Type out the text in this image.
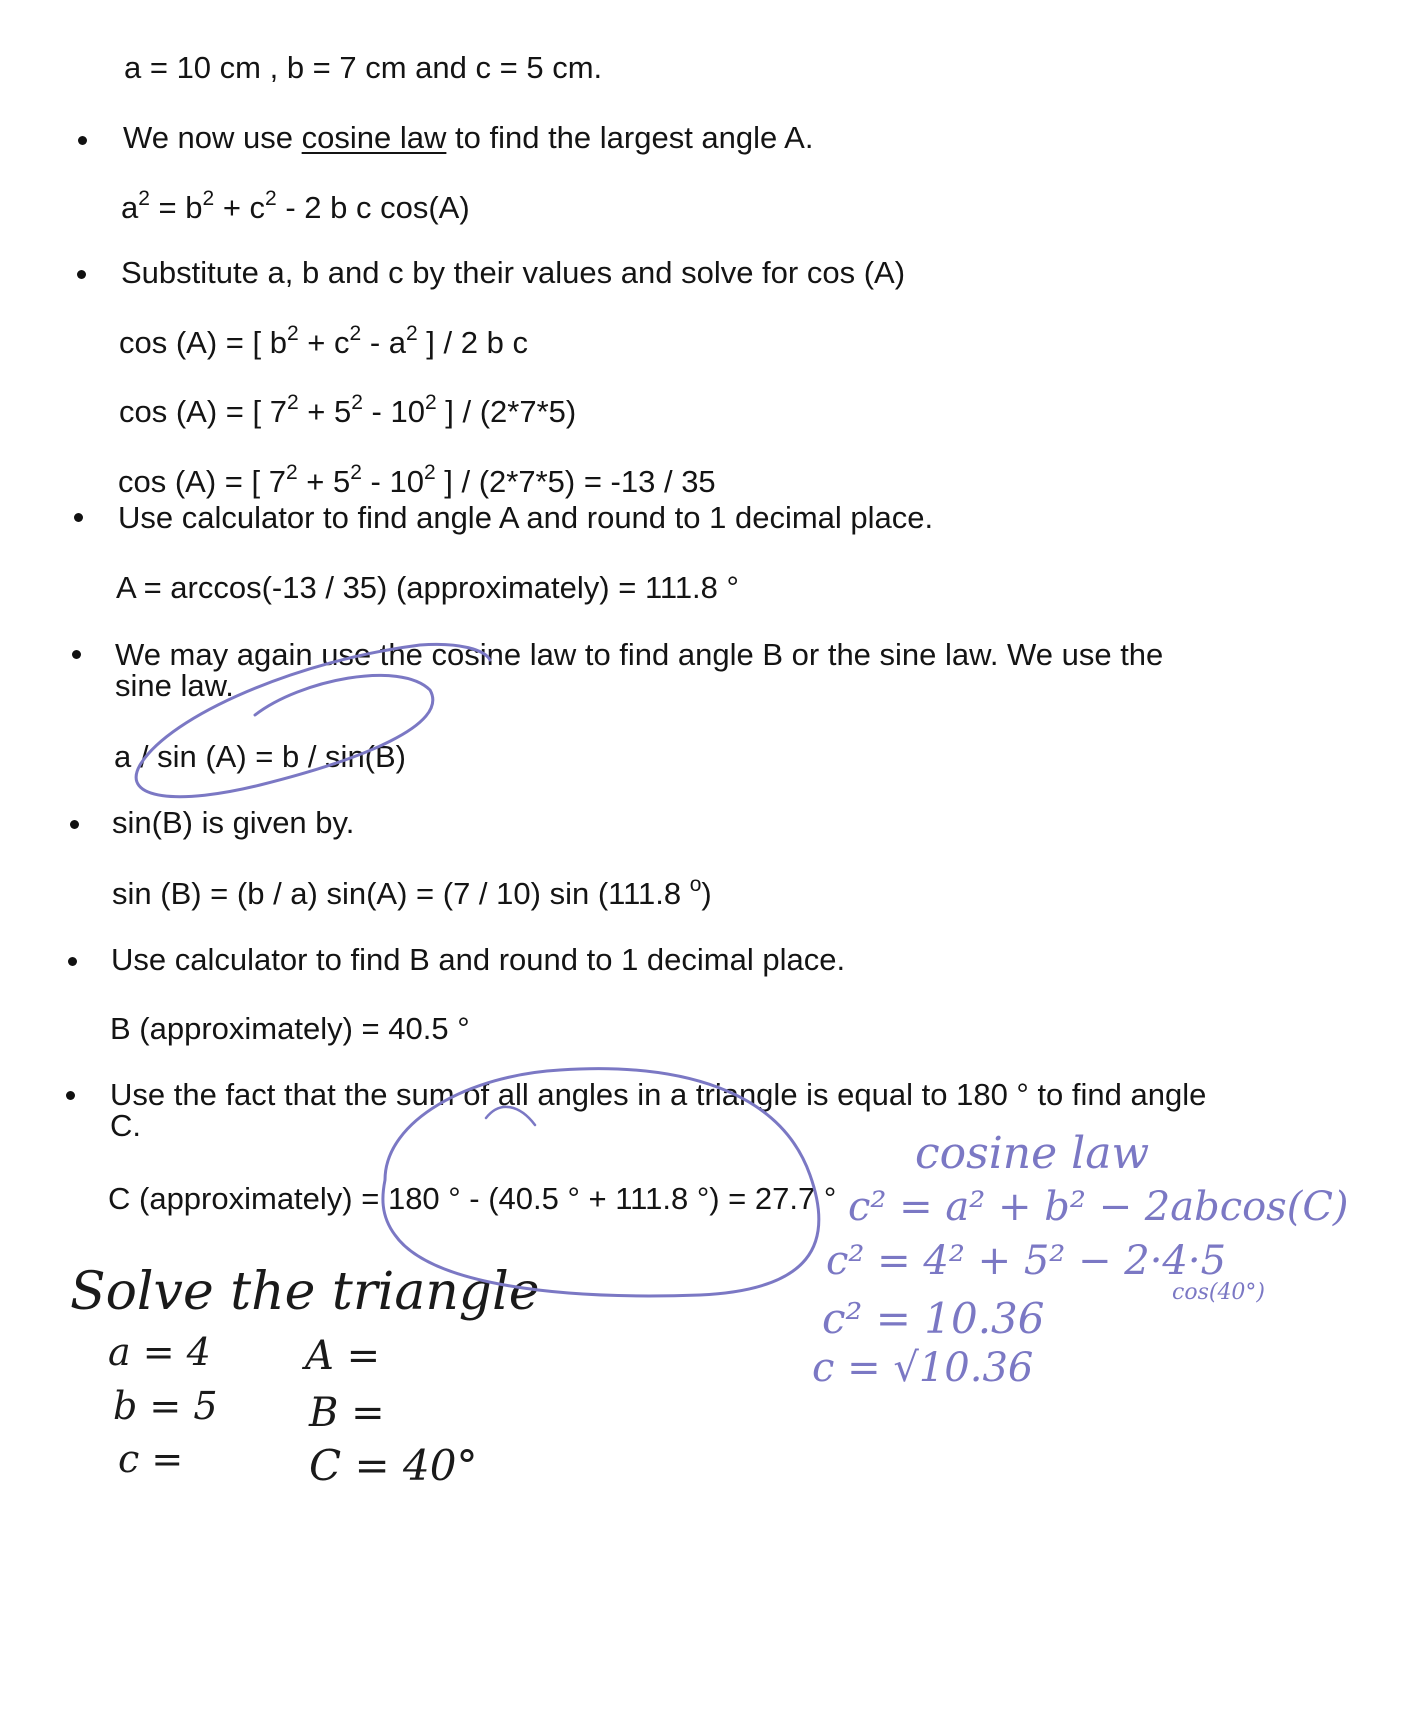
a = 10 cm , b = 7 cm and c = 5 cm.
We now use cosine law to find the largest angle A.
$a^2 = b^2 + c^2 - 2$ b c cos(A)
Substitute a, b and c by their values and solve for cos (A)
cos (A) = [ $b^2 + c^2 - a^2$ ] / 2 b c
cos (A) = [ $7^2 + 5^2 - 10^2$ ] / (2*7*5)
cos (A) = [ $7^2 + 5^2 - 10^2$ ] / (2*7*5) = -13 / 35
Use calculator to find angle A and round to 1 decimal place.
A = arccos(-13 / 35) (approximately) = 111.8 °
We may again use the cosine law to find angle B or the sine law. We use the
sine law.
a / sin (A) = b / sin(B)
sin(B) is given by.
sin (B) = (b / a) sin(A) = (7 / 10) sin (111.8 $^o$)
Use calculator to find B and round to 1 decimal place.
B (approximately) = 40.5 °
Use the fact that the sum of all angles in a triangle is equal to 180 ° to find angle
C.
C (approximately) = 180 ° - (40.5 ° + 111.8 °) = 27.7 °
Solve the triangle
a = 4
b = 5
c =
A =
B =
C = 40°
cosine law
c² = a² + b² − 2abcos(C)
c² = 4² + 5² − 2·4·5
cos(40°)
c² = 10.36
c = √10.36
